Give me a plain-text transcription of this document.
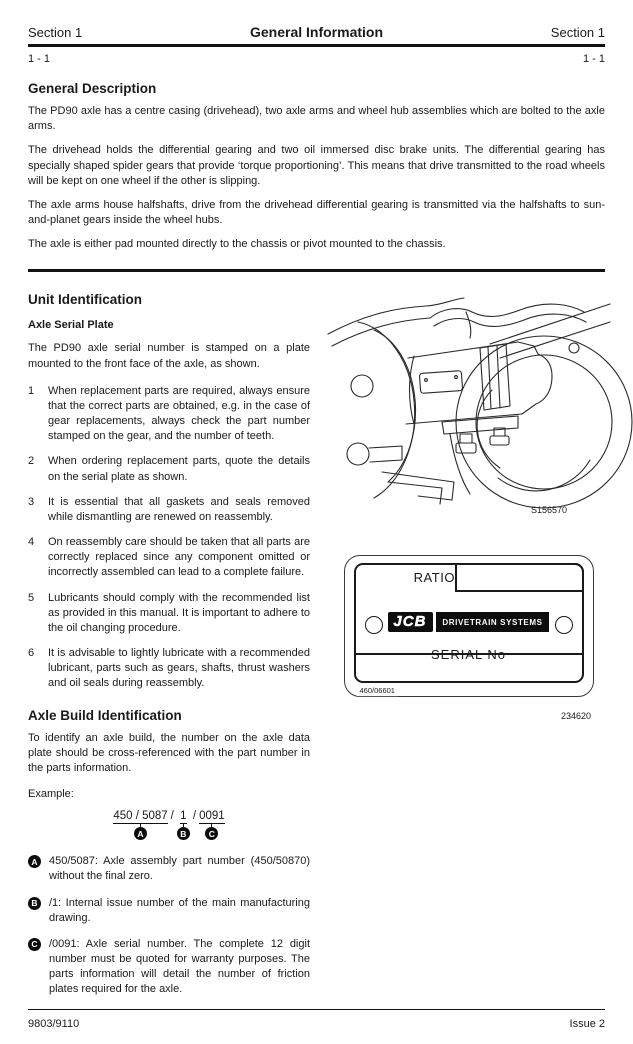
Section 1	General Information	Section 1
1 - 1	1 - 1
General Description

The PD90 axle has a centre casing (drivehead), two axle arms and wheel hub assemblies which are bolted to the axle arms.

The drivehead holds the differential gearing and two oil immersed disc brake units. The differential gearing has specially shaped spider gears that provide ‘torque proportioning’. This means that drive transmitted to the road wheels will be kept on one wheel if the other is slipping.

The axle arms house halfshafts, drive from the drivehead differential gearing is transmitted via the halfshafts to sun-and-planet gears inside the wheel hubs.

The axle is either pad mounted directly to the chassis or pivot mounted to the chassis.

Unit Identification
Axle Serial Plate

The PD90 axle serial number is stamped on a plate mounted to the front face of the axle, as shown.

1	When replacement parts are required, always ensure that the correct parts are obtained, e.g. in the case of gear replacements, always check the part number stamped on the gear, and the number of teeth.
2	When ordering replacement parts, quote the details on the serial plate as shown.
3	It is essential that all gaskets and seals removed while dismantling are renewed on reassembly.
4	On reassembly care should be taken that all parts are correctly replaced since any component omitted or incorrectly assembled can lead to a complete failure.
5	Lubricants should comply with the recommended list as provided in this manual. It is important to adhere to the oil changing procedure.
6	It is advisable to lightly lubricate with a recommended lubricant, parts such as gears, shafts, thrust washers and oil seals during reassembly.
Axle Build Identification

To identify an axle build, the number on the axle data plate should be cross-referenced with the part number in the parts information.

Example:
450 / 5087
A
/ 1
B
/ 0091
C
A	450/5087: Axle assembly part number (450/50870) without the final zero.
B	/1: Internal issue number of the main manufacturing drawing.
C	/0091: Axle serial number. The complete 12 digit number must be quoted for warranty purposes. The parts information will detail the number of friction plates required for the axle.
S156570
RATIO
JCB	DRIVETRAIN SYSTEMS
SERIAL No
460/06601
234620
9803/9110	Issue 2
